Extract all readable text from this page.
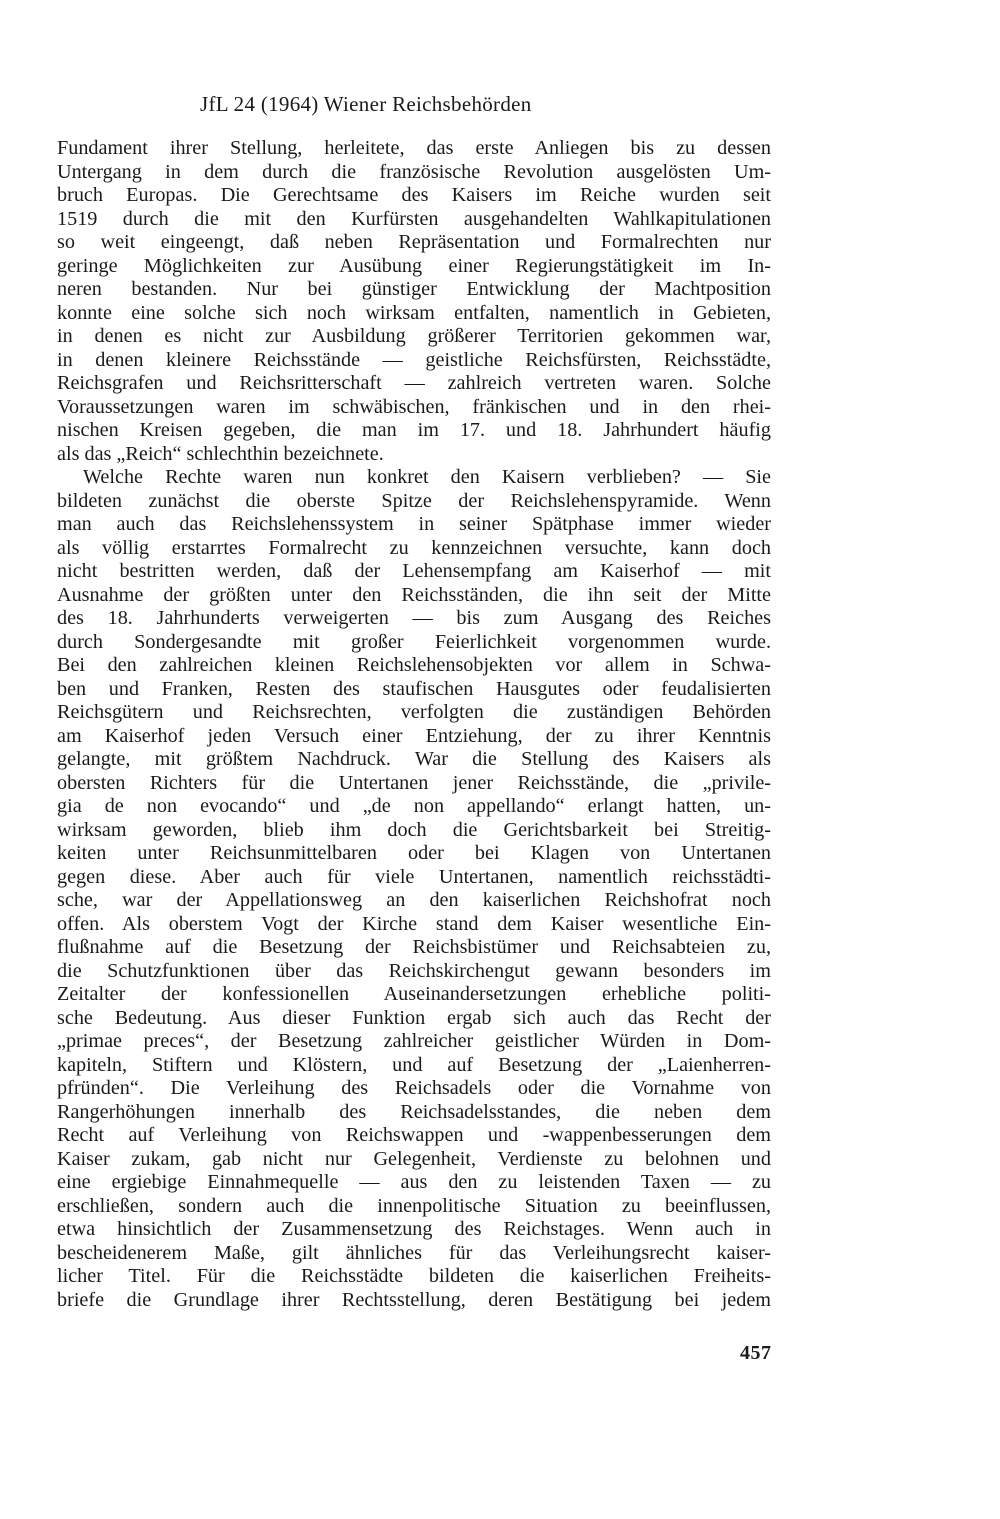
JfL 24 (1964) Wiener Reichsbehörden
Fundament ihrer Stellung, herleitete, das erste Anliegen bis zu dessen
Untergang in dem durch die französische Revolution ausgelösten Um-
bruch Europas. Die Gerechtsame des Kaisers im Reiche wurden seit
1519 durch die mit den Kurfürsten ausgehandelten Wahlkapitulationen
so weit eingeengt, daß neben Repräsentation und Formalrechten nur
geringe Möglichkeiten zur Ausübung einer Regierungstätigkeit im In-
neren bestanden. Nur bei günstiger Entwicklung der Machtposition
konnte eine solche sich noch wirksam entfalten, namentlich in Gebieten,
in denen es nicht zur Ausbildung größerer Territorien gekommen war,
in denen kleinere Reichsstände — geistliche Reichsfürsten, Reichsstädte,
Reichsgrafen und Reichsritterschaft — zahlreich vertreten waren. Solche
Voraussetzungen waren im schwäbischen, fränkischen und in den rhei-
nischen Kreisen gegeben, die man im 17. und 18. Jahrhundert häufig
als das „Reich“ schlechthin bezeichnete.
Welche Rechte waren nun konkret den Kaisern verblieben? — Sie
bildeten zunächst die oberste Spitze der Reichslehenspyramide. Wenn
man auch das Reichslehenssystem in seiner Spätphase immer wieder
als völlig erstarrtes Formalrecht zu kennzeichnen versuchte, kann doch
nicht bestritten werden, daß der Lehensempfang am Kaiserhof — mit
Ausnahme der größten unter den Reichsständen, die ihn seit der Mitte
des 18. Jahrhunderts verweigerten — bis zum Ausgang des Reiches
durch Sondergesandte mit großer Feierlichkeit vorgenommen wurde.
Bei den zahlreichen kleinen Reichslehensobjekten vor allem in Schwa-
ben und Franken, Resten des staufischen Hausgutes oder feudalisierten
Reichsgütern und Reichsrechten, verfolgten die zuständigen Behörden
am Kaiserhof jeden Versuch einer Entziehung, der zu ihrer Kenntnis
gelangte, mit größtem Nachdruck. War die Stellung des Kaisers als
obersten Richters für die Untertanen jener Reichsstände, die „privile-
gia de non evocando“ und „de non appellando“ erlangt hatten, un-
wirksam geworden, blieb ihm doch die Gerichtsbarkeit bei Streitig-
keiten unter Reichsunmittelbaren oder bei Klagen von Untertanen
gegen diese. Aber auch für viele Untertanen, namentlich reichsstädti-
sche, war der Appellationsweg an den kaiserlichen Reichshofrat noch
offen. Als oberstem Vogt der Kirche stand dem Kaiser wesentliche Ein-
flußnahme auf die Besetzung der Reichsbistümer und Reichsabteien zu,
die Schutzfunktionen über das Reichskirchengut gewann besonders im
Zeitalter der konfessionellen Auseinandersetzungen erhebliche politi-
sche Bedeutung. Aus dieser Funktion ergab sich auch das Recht der
„primae preces“, der Besetzung zahlreicher geistlicher Würden in Dom-
kapiteln, Stiftern und Klöstern, und auf Besetzung der „Laienherren-
pfründen“. Die Verleihung des Reichsadels oder die Vornahme von
Rangerhöhungen innerhalb des Reichsadelsstandes, die neben dem
Recht auf Verleihung von Reichswappen und -wappenbesserungen dem
Kaiser zukam, gab nicht nur Gelegenheit, Verdienste zu belohnen und
eine ergiebige Einnahmequelle — aus den zu leistenden Taxen — zu
erschließen, sondern auch die innenpolitische Situation zu beeinflussen,
etwa hinsichtlich der Zusammensetzung des Reichstages. Wenn auch in
bescheidenerem Maße, gilt ähnliches für das Verleihungsrecht kaiser-
licher Titel. Für die Reichsstädte bildeten die kaiserlichen Freiheits-
briefe die Grundlage ihrer Rechtsstellung, deren Bestätigung bei jedem
457
